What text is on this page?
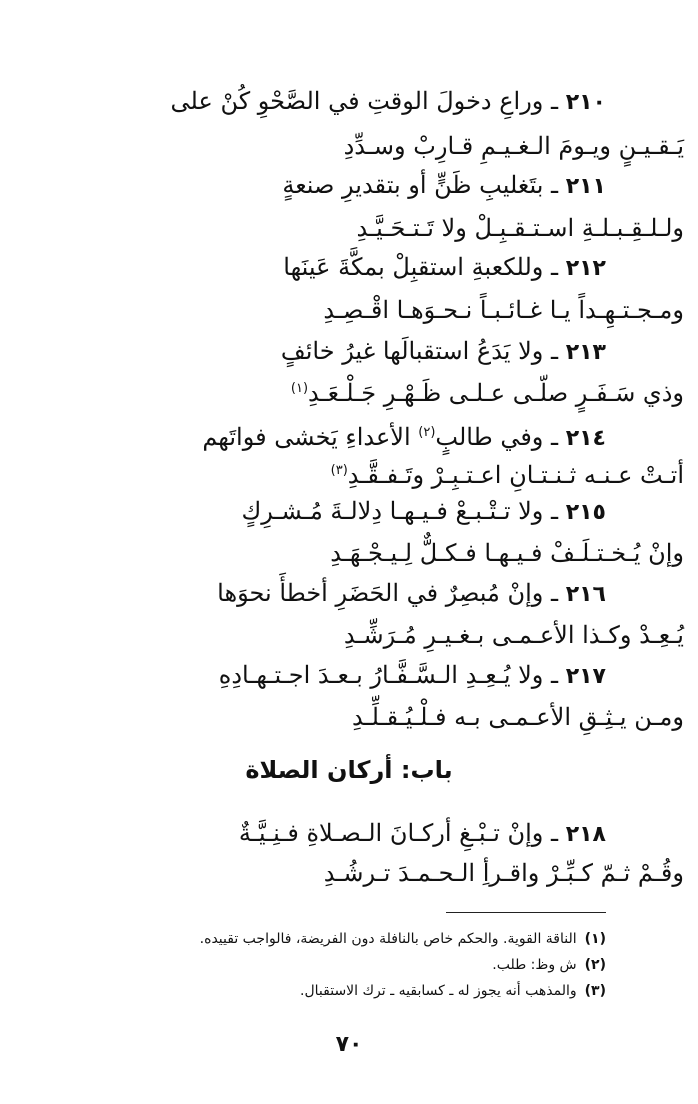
٢١٠ ـ وراعِ دخولَ الوقتِ في الصَّحْوِ كُنْ على
يَـقـيـنٍ ويـومَ الـغـيـمِ قـارِبْ وسـدِّدِ
٢١١ ـ بتَغليبِ ظَنٍّ أو بتقديرِ صنعةٍ
ولـلـقِـبـلـةِ اسـتـقـبِـلْ ولا تَـتـحَـيَّـدِ
٢١٢ ـ وللكعبةِ استقبِلْ بمكَّةَ عَينَها
ومـجـتـهِـداً يـا غـائـبـاً نـحـوَهـا اقْـصِـدِ
٢١٣ ـ ولا يَدَعُ استقبالَها غيرُ خائفٍ
وذي سَـفَـرٍ صلّـى عـلـى ظَـهْـرِ جَـلْـعَـدِ$^{(١)}$
٢١٤ ـ وفي طالبٍ$^{(٢)}$ الأعداءِ يَخشى فواتَهم
أتـتْ عـنـه ثـنـتـانِ اعـتـبِـرْ وتَـفـقَّـدِ$^{(٣)}$
٢١٥ ـ ولا تـتْـبـعْ فـيـهـا دِلالـةَ مُـشـرِكٍ
وإنْ يُـخـتـلَـفْ فـيـهـا فـكـلٌّ لِـيـجْـهَـدِ
٢١٦ ـ وإنْ مُبصِرٌ في الحَضَرِ أخطأَ نحوَها
يُـعِـدْ وكـذا الأعـمـى بـغـيـرِ مُـرَشِّـدِ
٢١٧ ـ ولا يُـعِـدِ الـسَّـفَّـارُ بـعـدَ اجـتـهـادِهِ
ومـن يـثِـقِ الأعـمـى بـه فـلْـيُـقـلِّـدِ
باب: أركان الصلاة
٢١٨ ـ وإنْ تـبْـغِ أركـانَ الـصـلاةِ فـنِـيَّـةٌ
وقُـمْ ثـمّ كـبِّـرْ واقـرأِ الـحـمـدَ تـرشُـدِ
(١)الناقة القوية. والحكم خاص بالنافلة دون الفريضة، فالواجب تقييده.
(٢)ش وظ: طلب.
(٣)والمذهب أنه يجوز له ـ كسابقيه ـ ترك الاستقبال.
٧٠
